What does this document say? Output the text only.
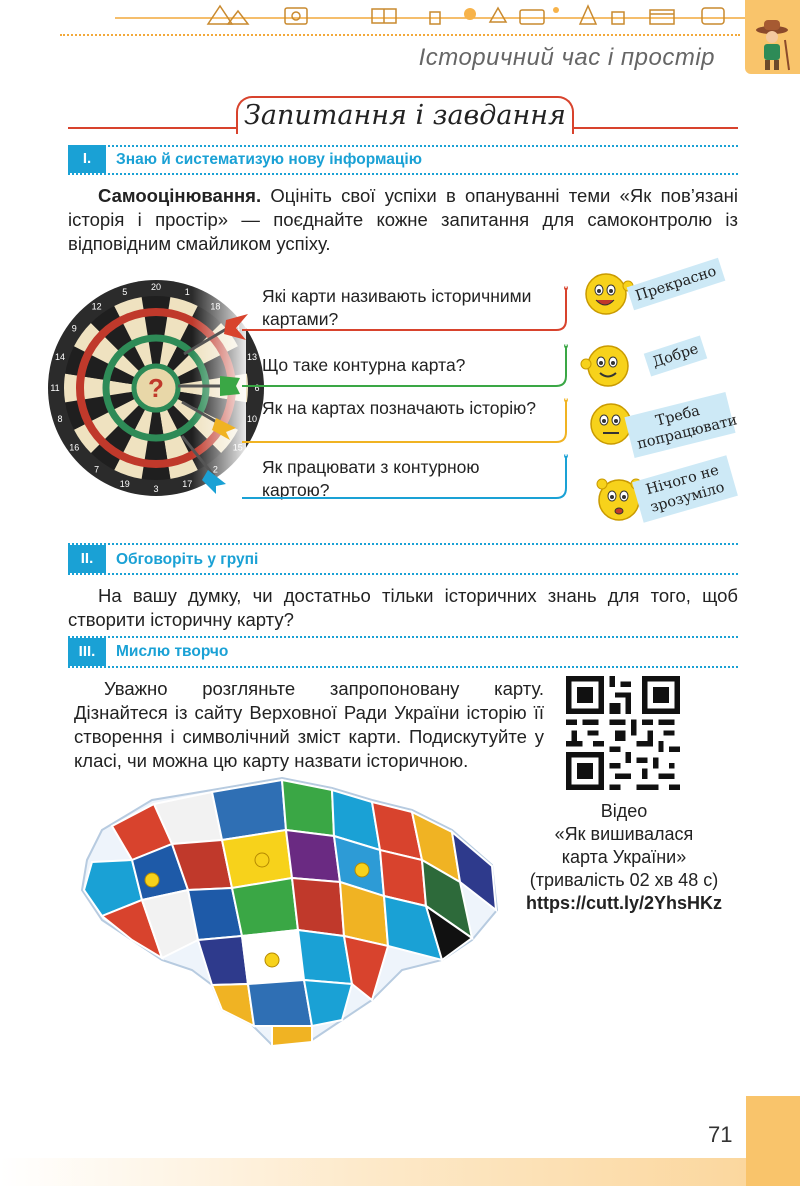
Історичний час і простір
Запитання і завдання
I.	Знаю й систематизую нову інформацію
Самооцінювання. Оцініть свої успіхи в опануванні теми «Як пов’язані історія і простір» — поєднайте кожне запитання для самоконтролю із відповідним смайликом успіху.
13
6
10
8
11
14
Які карти називають історичними картами?
"
Що таке контурна карта?
"
Як на картах позначають історію?	"
Як працювати з контурною картою?
"
Прекрасно
Добре
Треба попрацювати
Нічого не зрозуміло
II.	Обговоріть у групі
На вашу думку, чи достатньо тільки історичних знань для того, щоб створити історичну карту?
III.	Мислю творчо
Уважно розгляньте запропоновану карту. Дізнайтеся із сайту Верховної Ради України історію її створення і символічний зміст карти. Подискутуйте у класі, чи можна цю карту назвати історичною.
Відео
«Як вишивалася
карта України»
(тривалість 02 хв 48 с)
https://cutt.ly/2YhsHKz
71
